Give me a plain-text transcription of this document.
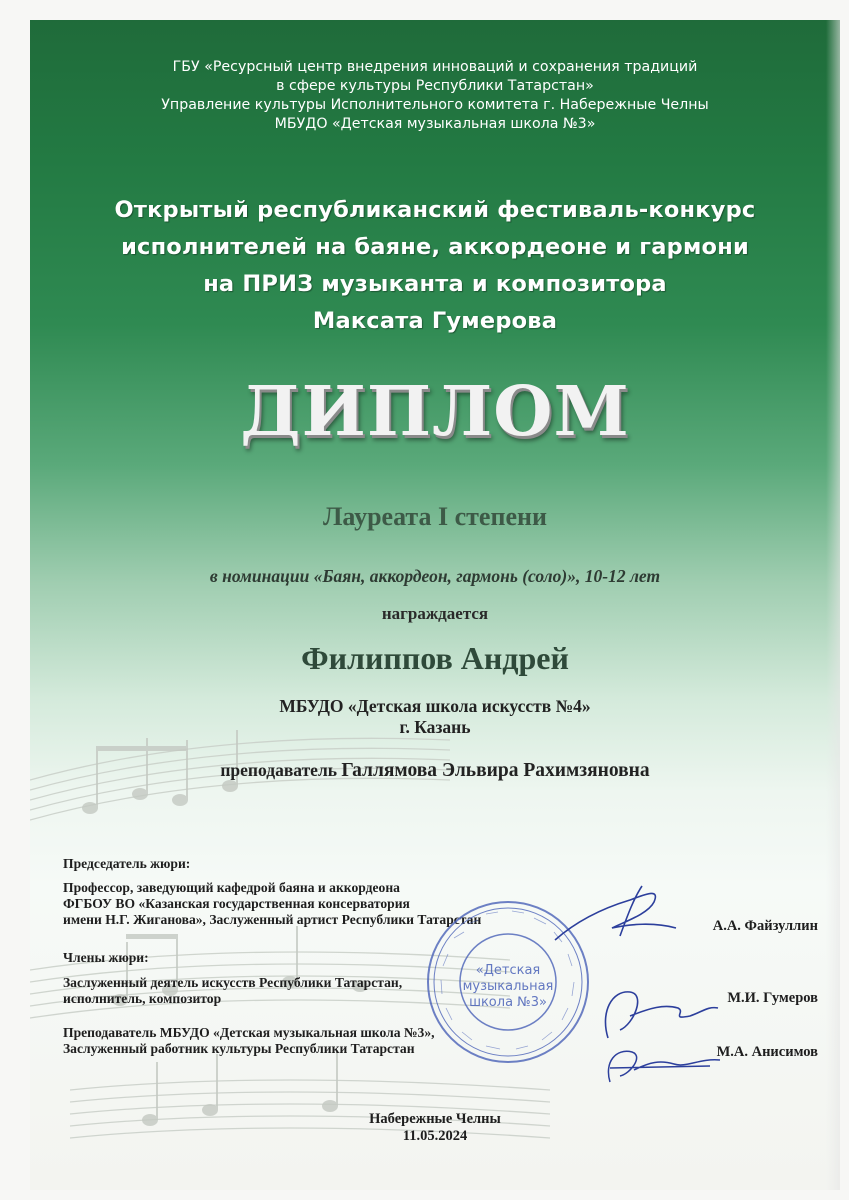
ГБУ «Ресурсный центр внедрения инноваций и сохранения традиций
в сфере культуры Республики Татарстан»
Управление культуры Исполнительного комитета г. Набережные Челны
МБУДО «Детская музыкальная школа №3»
Открытый республиканский фестиваль-конкурс
исполнителей на баяне, аккордеоне и гармони
на ПРИЗ музыканта и композитора
Максата Гумерова
ДИПЛОМ
Лауреата I степени
в номинации «Баян, аккордеон, гармонь (соло)», 10-12 лет
награждается
Филиппов Андрей
МБУДО «Детская школа искусств №4»
г. Казань
преподаватель Галлямова Эльвира Рахимзяновна
Председатель жюри:
Профессор, заведующий кафедрой баяна и аккордеона
ФГБОУ ВО «Казанская государственная консерватория
имени Н.Г. Жиганова», Заслуженный артист Республики Татарстан	А.А. Файзуллин
Члены жюри:
Заслуженный деятель искусств Республики Татарстан,
исполнитель, композитор	М.И. Гумеров
Преподаватель МБУДО «Детская музыкальная школа №3»,
Заслуженный работник культуры Республики Татарстан	М.А. Анисимов
«Детская
музыкальная
школа №3»
Набережные Челны
11.05.2024
